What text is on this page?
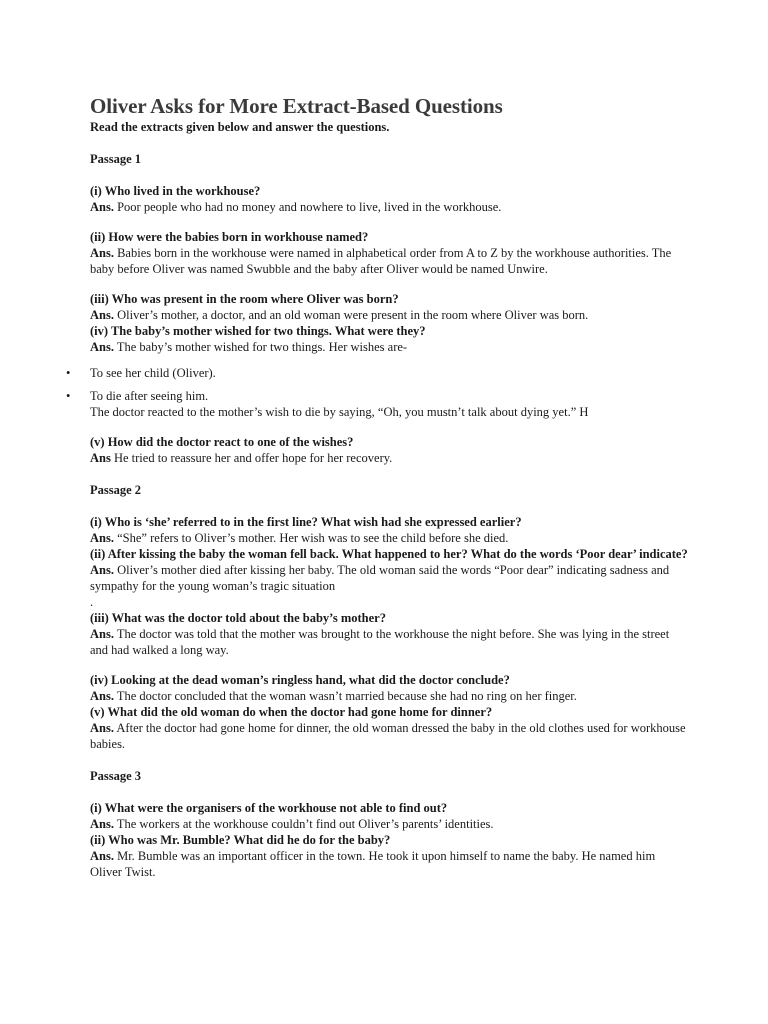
Oliver Asks for More Extract-Based Questions

Read the extracts given below and answer the questions.

Passage 1

(i) Who lived in the workhouse?

Ans. Poor people who had no money and nowhere to live, lived in the workhouse.

(ii) How were the babies born in workhouse named?

Ans. Babies born in the workhouse were named in alphabetical order from A to Z by the workhouse authorities. The baby before Oliver was named Swubble and the baby after Oliver would be named Unwire.

(iii) Who was present in the room where Oliver was born?

Ans. Oliver’s mother, a doctor, and an old woman were present in the room where Oliver was born.

(iv) The baby’s mother wished for two things. What were they?

Ans. The baby’s mother wished for two things. Her wishes are-

• To see her child (Oliver).
• To die after seeing him.
The doctor reacted to the mother’s wish to die by saying, “Oh, you mustn’t talk about dying yet.” H

(v) How did the doctor react to one of the wishes?

Ans He tried to reassure her and offer hope for her recovery.

Passage 2

(i) Who is ‘she’ referred to in the first line? What wish had she expressed earlier?

Ans. “She” refers to Oliver’s mother. Her wish was to see the child before she died.

(ii) After kissing the baby the woman fell back. What happened to her? What do the words ‘Poor dear’ indicate?

Ans. Oliver’s mother died after kissing her baby. The old woman said the words “Poor dear” indicating sadness and sympathy for the young woman’s tragic situation

.

(iii) What was the doctor told about the baby’s mother?

Ans. The doctor was told that the mother was brought to the workhouse the night before. She was lying in the street and had walked a long way.

(iv) Looking at the dead woman’s ringless hand, what did the doctor conclude?

Ans. The doctor concluded that the woman wasn’t married because she had no ring on her finger.

(v) What did the old woman do when the doctor had gone home for dinner?

Ans. After the doctor had gone home for dinner, the old woman dressed the baby in the old clothes used for workhouse babies.

Passage 3

(i) What were the organisers of the workhouse not able to find out?

Ans. The workers at the workhouse couldn’t find out Oliver’s parents’ identities.

(ii) Who was Mr. Bumble? What did he do for the baby?

Ans. Mr. Bumble was an important officer in the town. He took it upon himself to name the baby. He named him Oliver Twist.
